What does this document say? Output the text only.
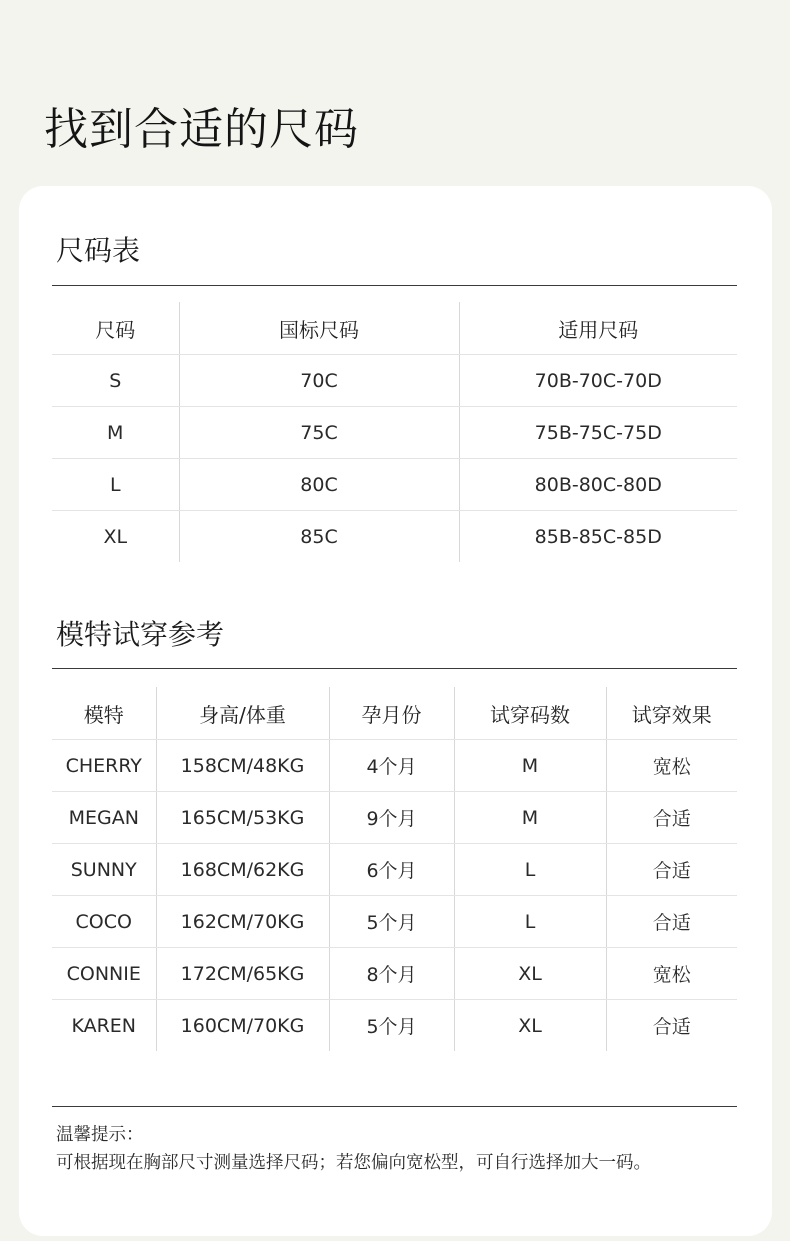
找到合适的尺码
尺码表
尺码	国标尺码	适用尺码
S	70C	70B-70C-70D
M	75C	75B-75C-75D
L	80C	80B-80C-80D
XL	85C	85B-85C-85D
模特试穿参考
模特	身高/体重	孕月份	试穿码数	试穿效果
CHERRY	158CM/48KG	4个月	M	宽松
MEGAN	165CM/53KG	9个月	M	合适
SUNNY	168CM/62KG	6个月	L	合适
COCO	162CM/70KG	5个月	L	合适
CONNIE	172CM/65KG	8个月	XL	宽松
KAREN	160CM/70KG	5个月	XL	合适
温馨提示：
可根据现在胸部尺寸测量选择尺码；若您偏向宽松型，可自行选择加大一码。
